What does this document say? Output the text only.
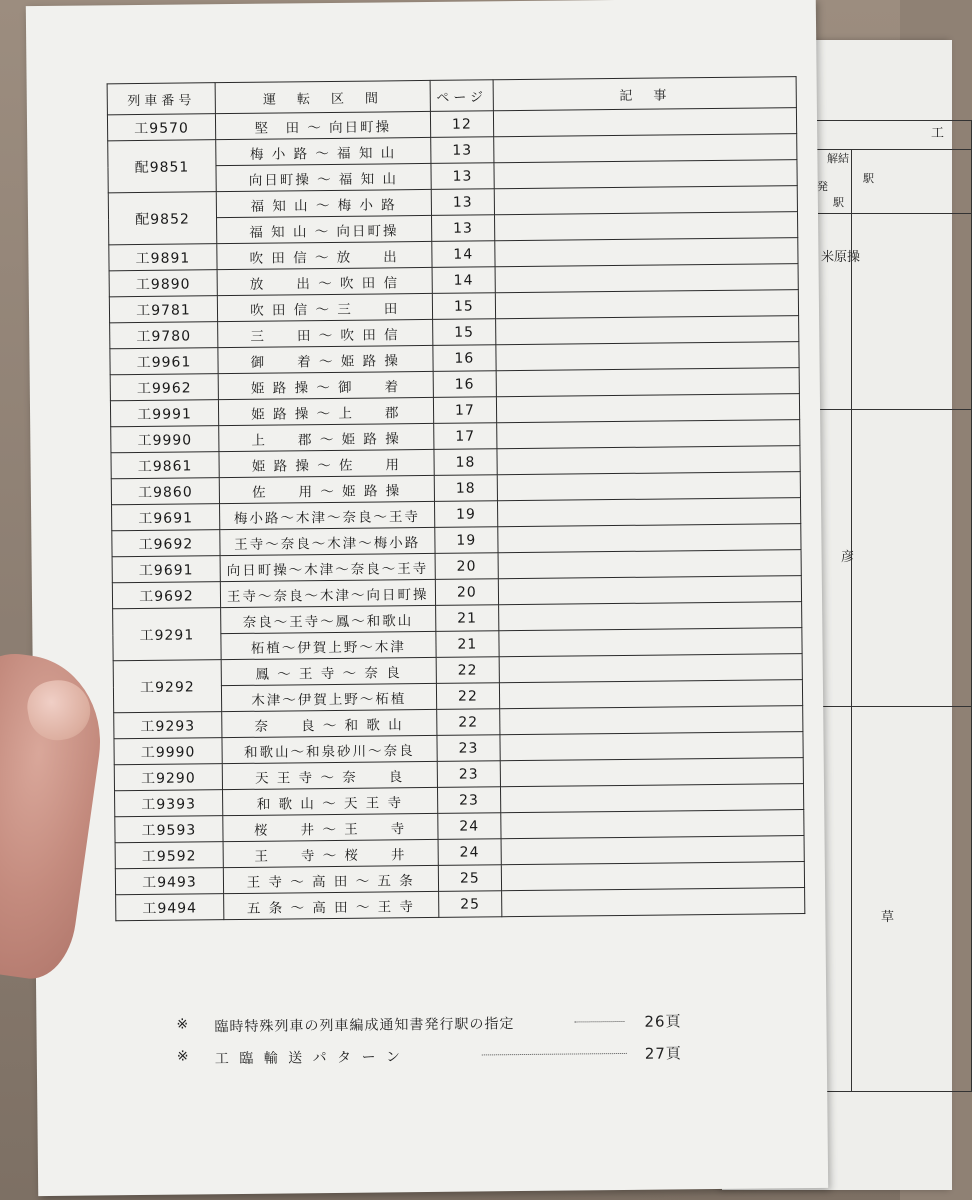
工
解結
発
駅
駅
米原操
彦
草
列車番号	運　転　区　間	ページ	記　事
工9570	堅　田 〜 向日町操	12	
配9851	梅 小 路 〜 福 知 山	13	
	向日町操 〜 福 知 山	13	
配9852	福 知 山 〜 梅 小 路	13	
	福 知 山 〜 向日町操	13	
工9891	吹 田 信 〜 放　　出	14	
工9890	放　　出 〜 吹 田 信	14	
工9781	吹 田 信 〜 三　　田	15	
工9780	三　　田 〜 吹 田 信	15	
工9961	御　　着 〜 姫 路 操	16	
工9962	姫 路 操 〜 御　　着	16	
工9991	姫 路 操 〜 上　　郡	17	
工9990	上　　郡 〜 姫 路 操	17	
工9861	姫 路 操 〜 佐　　用	18	
工9860	佐　　用 〜 姫 路 操	18	
工9691	梅小路〜木津〜奈良〜王寺	19	
工9692	王寺〜奈良〜木津〜梅小路	19	
工9691	向日町操〜木津〜奈良〜王寺	20	
工9692	王寺〜奈良〜木津〜向日町操	20	
工9291	奈良〜王寺〜鳳〜和歌山	21	
	柘植〜伊賀上野〜木津	21	
工9292	鳳 〜 王 寺 〜 奈 良	22	
	木津〜伊賀上野〜柘植	22	
工9293	奈　　良 〜 和 歌 山	22	
工9990	和歌山〜和泉砂川〜奈良	23	
工9290	天 王 寺 〜 奈　　良	23	
工9393	和 歌 山 〜 天 王 寺	23	
工9593	桜　　井 〜 王　　寺	24	
工9592	王　　寺 〜 桜　　井	24	
工9493	王 寺 〜 高 田 〜 五 条	25	
工9494	五 条 〜 高 田 〜 王 寺	25	
※ 臨時特殊列車の列車編成通知書発行駅の指定	26頁
※ 工 臨 輸 送 パ タ ー ン	27頁
